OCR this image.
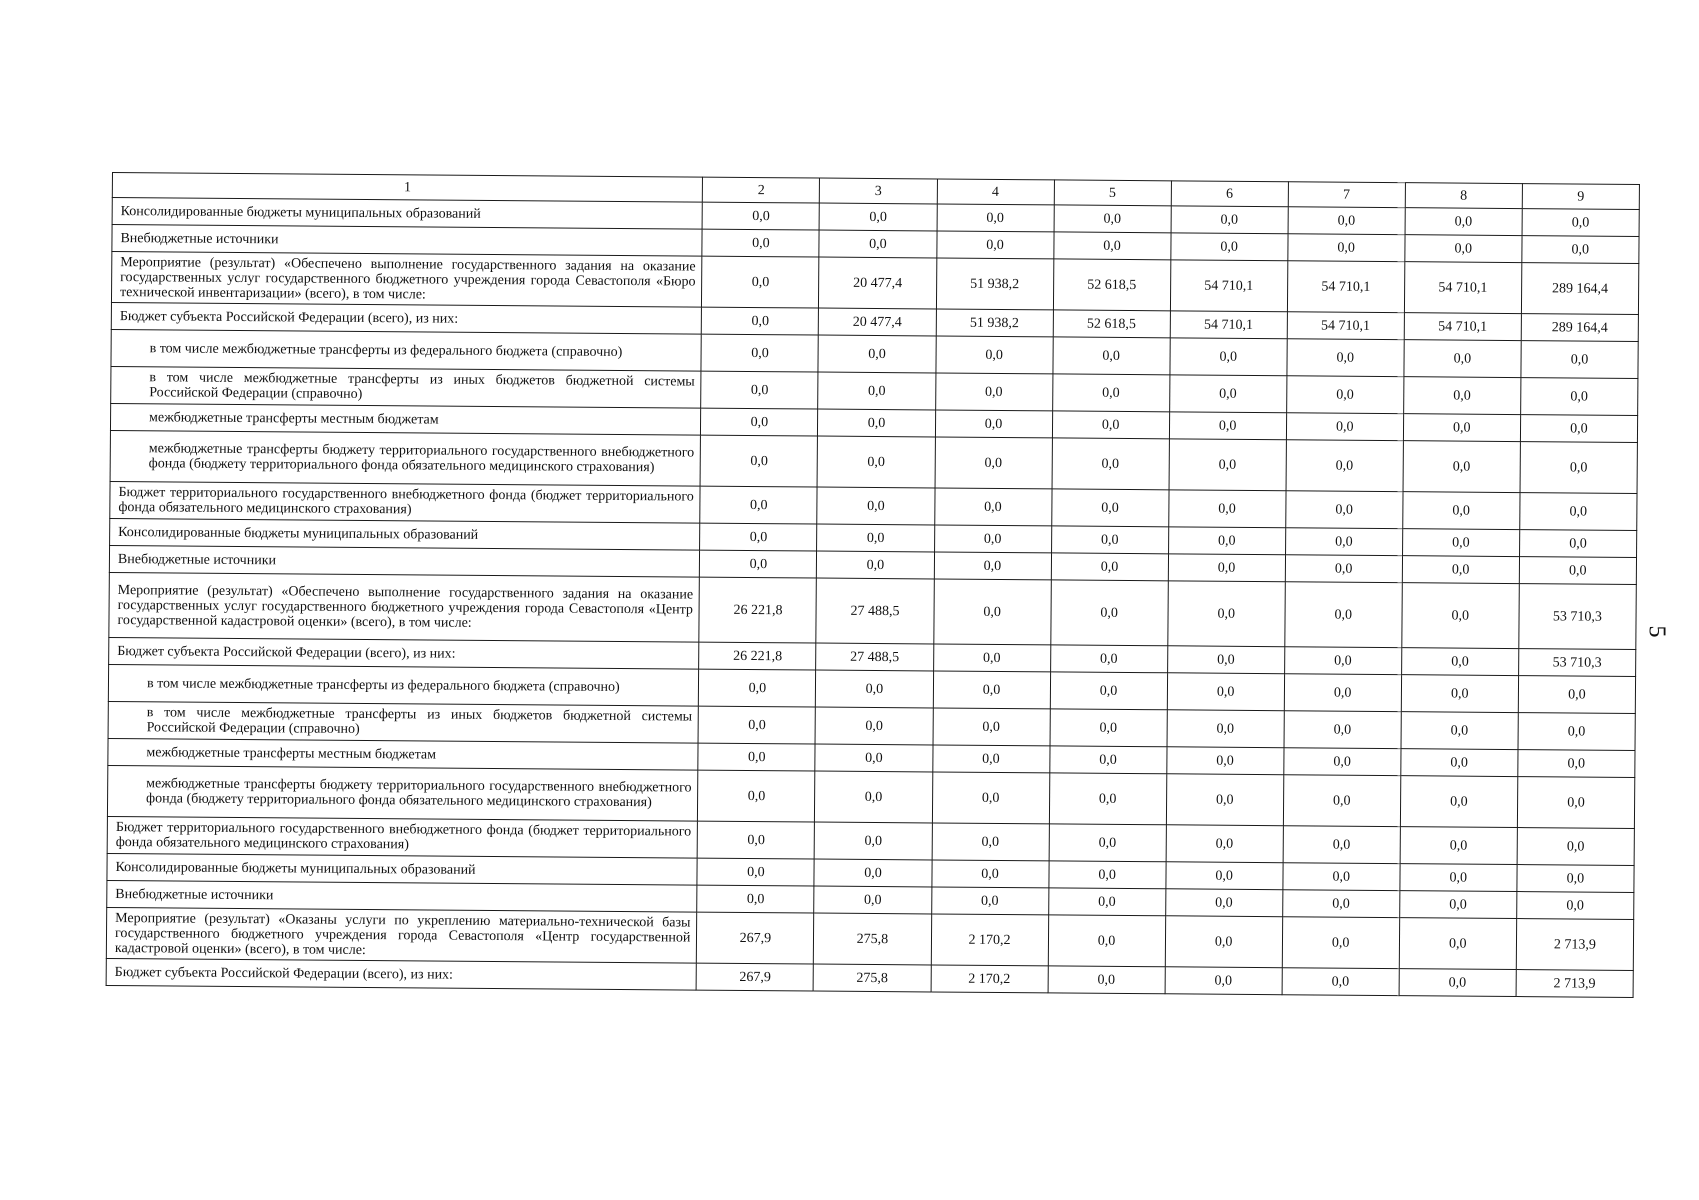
1	2	3	4	5	6	7	8	9
Консолидированные бюджеты муниципальных образований	0,0	0,0	0,0	0,0	0,0	0,0	0,0	0,0
Внебюджетные источники	0,0	0,0	0,0	0,0	0,0	0,0	0,0	0,0
Мероприятие (результат) «Обеспечено выполнение государственного задания на оказание государственных услуг государственного бюджетного учреждения города Севастополя «Бюро технической инвентаризации» (всего), в том числе:	0,0	20 477,4	51 938,2	52 618,5	54 710,1	54 710,1	54 710,1	289 164,4
Бюджет субъекта Российской Федерации (всего), из них:	0,0	20 477,4	51 938,2	52 618,5	54 710,1	54 710,1	54 710,1	289 164,4
в том числе межбюджетные трансферты из федерального бюджета (справочно)	0,0	0,0	0,0	0,0	0,0	0,0	0,0	0,0
в том числе межбюджетные трансферты из иных бюджетов бюджетной системы Российской Федерации (справочно)	0,0	0,0	0,0	0,0	0,0	0,0	0,0	0,0
межбюджетные трансферты местным бюджетам	0,0	0,0	0,0	0,0	0,0	0,0	0,0	0,0
межбюджетные трансферты бюджету территориального государственного внебюджетного фонда (бюджету территориального фонда обязательного медицинского страхования)	0,0	0,0	0,0	0,0	0,0	0,0	0,0	0,0
Бюджет территориального государственного внебюджетного фонда (бюджет территориального фонда обязательного медицинского страхования)	0,0	0,0	0,0	0,0	0,0	0,0	0,0	0,0
Консолидированные бюджеты муниципальных образований	0,0	0,0	0,0	0,0	0,0	0,0	0,0	0,0
Внебюджетные источники	0,0	0,0	0,0	0,0	0,0	0,0	0,0	0,0
Мероприятие (результат) «Обеспечено выполнение государственного задания на оказание государственных услуг государственного бюджетного учреждения города Севастополя «Центр государственной кадастровой оценки» (всего), в том числе:	26 221,8	27 488,5	0,0	0,0	0,0	0,0	0,0	53 710,3
Бюджет субъекта Российской Федерации (всего), из них:	26 221,8	27 488,5	0,0	0,0	0,0	0,0	0,0	53 710,3
в том числе межбюджетные трансферты из федерального бюджета (справочно)	0,0	0,0	0,0	0,0	0,0	0,0	0,0	0,0
в том числе межбюджетные трансферты из иных бюджетов бюджетной системы Российской Федерации (справочно)	0,0	0,0	0,0	0,0	0,0	0,0	0,0	0,0
межбюджетные трансферты местным бюджетам	0,0	0,0	0,0	0,0	0,0	0,0	0,0	0,0
межбюджетные трансферты бюджету территориального государственного внебюджетного фонда (бюджету территориального фонда обязательного медицинского страхования)	0,0	0,0	0,0	0,0	0,0	0,0	0,0	0,0
Бюджет территориального государственного внебюджетного фонда (бюджет территориального фонда обязательного медицинского страхования)	0,0	0,0	0,0	0,0	0,0	0,0	0,0	0,0
Консолидированные бюджеты муниципальных образований	0,0	0,0	0,0	0,0	0,0	0,0	0,0	0,0
Внебюджетные источники	0,0	0,0	0,0	0,0	0,0	0,0	0,0	0,0
Мероприятие (результат) «Оказаны услуги по укреплению материально-технической базы государственного бюджетного учреждения города Севастополя «Центр государственной кадастровой оценки» (всего), в том числе:	267,9	275,8	2 170,2	0,0	0,0	0,0	0,0	2 713,9
Бюджет субъекта Российской Федерации (всего), из них:	267,9	275,8	2 170,2	0,0	0,0	0,0	0,0	2 713,9
5
